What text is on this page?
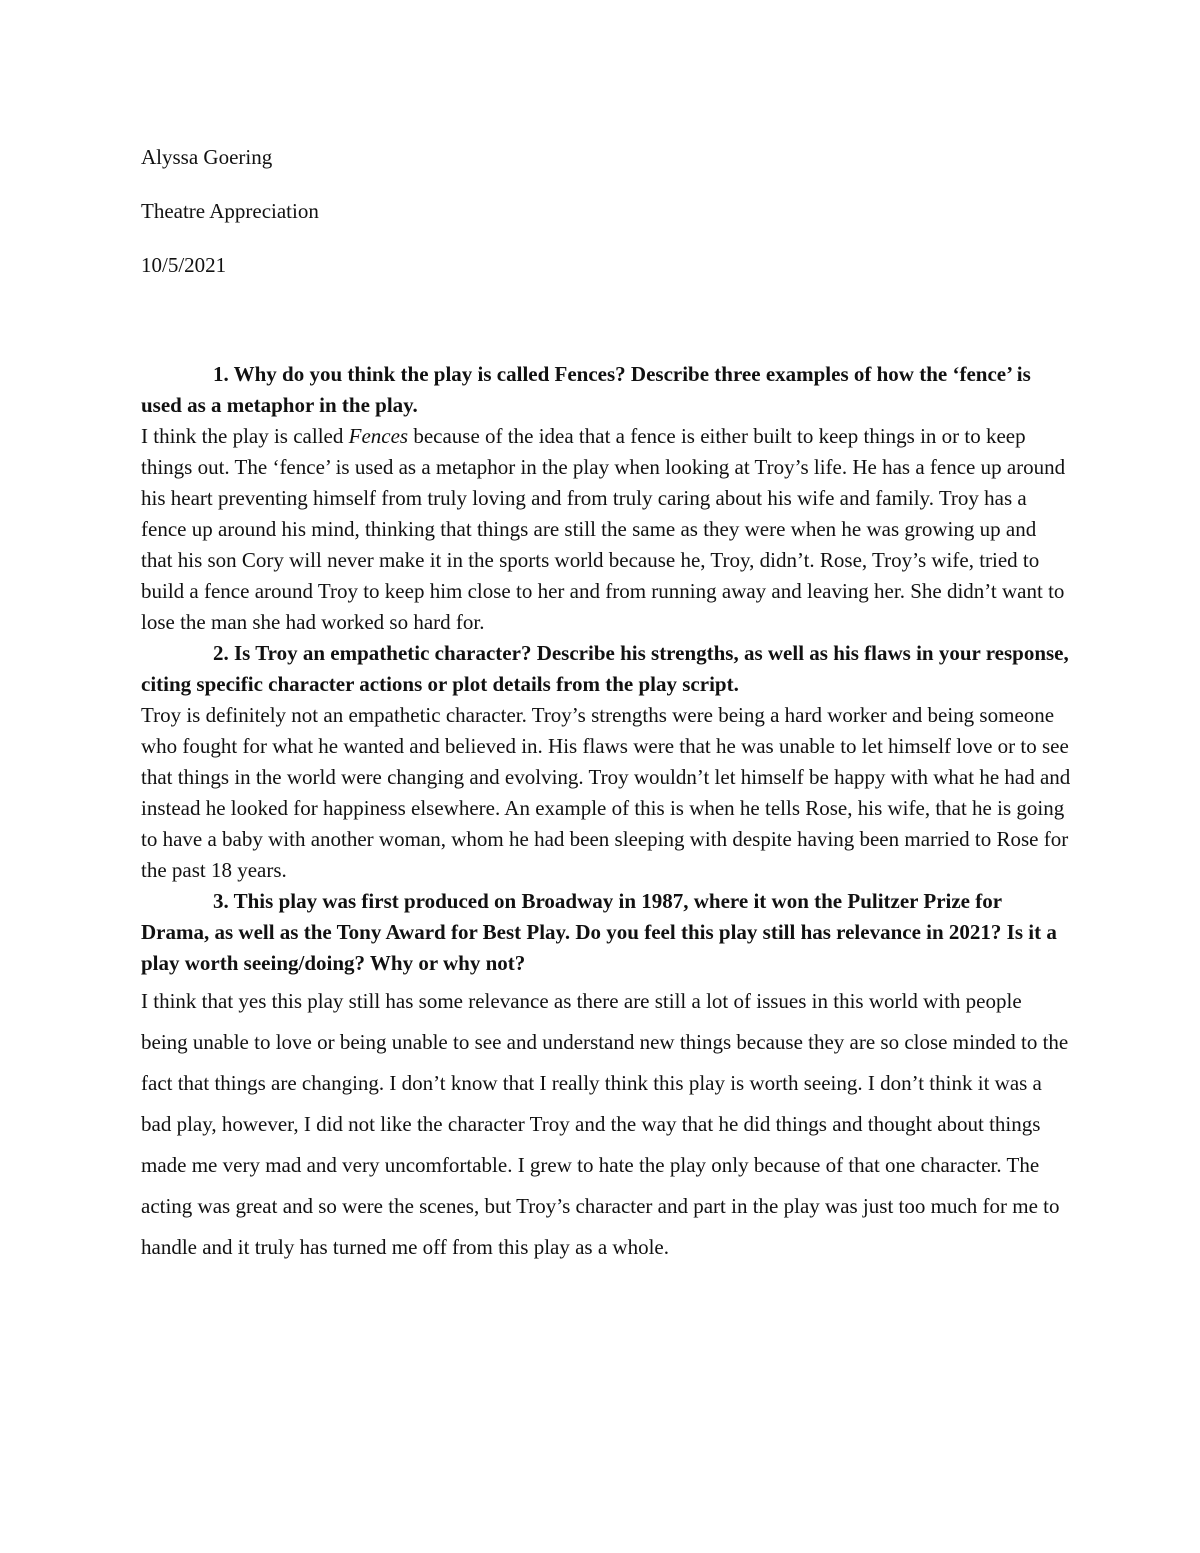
Alyssa Goering

Theatre Appreciation

10/5/2021

1. Why do you think the play is called Fences? Describe three examples of how the ‘fence’ is used as a metaphor in the play.

I think the play is called Fences because of the idea that a fence is either built to keep things in or to keep things out. The ‘fence’ is used as a metaphor in the play when looking at Troy’s life. He has a fence up around his heart preventing himself from truly loving and from truly caring about his wife and family. Troy has a fence up around his mind, thinking that things are still the same as they were when he was growing up and that his son Cory will never make it in the sports world because he, Troy, didn’t. Rose, Troy’s wife, tried to build a fence around Troy to keep him close to her and from running away and leaving her. She didn’t want to lose the man she had worked so hard for.

2. Is Troy an empathetic character? Describe his strengths, as well as his flaws in your response, citing specific character actions or plot details from the play script.

Troy is definitely not an empathetic character. Troy’s strengths were being a hard worker and being someone who fought for what he wanted and believed in. His flaws were that he was unable to let himself love or to see that things in the world were changing and evolving. Troy wouldn’t let himself be happy with what he had and instead he looked for happiness elsewhere. An example of this is when he tells Rose, his wife, that he is going to have a baby with another woman, whom he had been sleeping with despite having been married to Rose for the past 18 years.

3. This play was first produced on Broadway in 1987, where it won the Pulitzer Prize for Drama, as well as the Tony Award for Best Play. Do you feel this play still has relevance in 2021? Is it a play worth seeing/doing? Why or why not?

I think that yes this play still has some relevance as there are still a lot of issues in this world with people being unable to love or being unable to see and understand new things because they are so close minded to the fact that things are changing. I don’t know that I really think this play is worth seeing. I don’t think it was a bad play, however, I did not like the character Troy and the way that he did things and thought about things made me very mad and very uncomfortable. I grew to hate the play only because of that one character. The acting was great and so were the scenes, but Troy’s character and part in the play was just too much for me to handle and it truly has turned me off from this play as a whole.
